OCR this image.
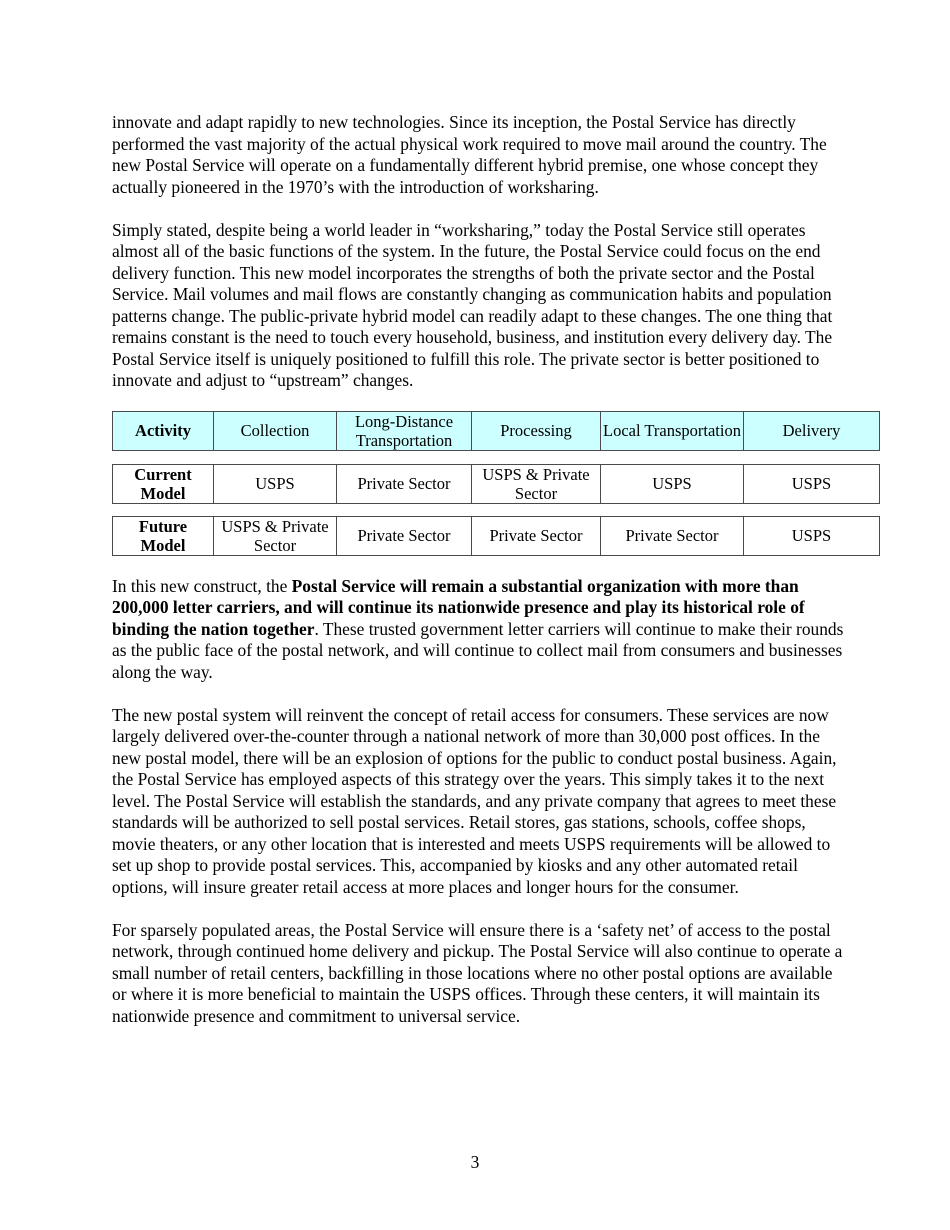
innovate and adapt rapidly to new technologies. Since its inception, the Postal Service has directly performed the vast majority of the actual physical work required to move mail around the country. The new Postal Service will operate on a fundamentally different hybrid premise, one whose concept they actually pioneered in the 1970’s with the introduction of worksharing.

Simply stated, despite being a world leader in “worksharing,” today the Postal Service still operates almost all of the basic functions of the system. In the future, the Postal Service could focus on the end delivery function. This new model incorporates the strengths of both the private sector and the Postal Service. Mail volumes and mail flows are constantly changing as communication habits and population patterns change. The public-private hybrid model can readily adapt to these changes. The one thing that remains constant is the need to touch every household, business, and institution every delivery day. The Postal Service itself is uniquely positioned to fulfill this role. The private sector is better positioned to innovate and adjust to “upstream” changes.

Activity	Collection	Long-Distance Transportation	Processing	Local Transportation	Delivery
Current Model	USPS	Private Sector	USPS & Private Sector	USPS	USPS
Future Model	USPS & Private Sector	Private Sector	Private Sector	Private Sector	USPS

In this new construct, the Postal Service will remain a substantial organization with more than 200,000 letter carriers, and will continue its nationwide presence and play its historical role of binding the nation together. These trusted government letter carriers will continue to make their rounds as the public face of the postal network, and will continue to collect mail from consumers and businesses along the way.

The new postal system will reinvent the concept of retail access for consumers. These services are now largely delivered over-the-counter through a national network of more than 30,000 post offices. In the new postal model, there will be an explosion of options for the public to conduct postal business. Again, the Postal Service has employed aspects of this strategy over the years. This simply takes it to the next level. The Postal Service will establish the standards, and any private company that agrees to meet these standards will be authorized to sell postal services. Retail stores, gas stations, schools, coffee shops, movie theaters, or any other location that is interested and meets USPS requirements will be allowed to set up shop to provide postal services. This, accompanied by kiosks and any other automated retail options, will insure greater retail access at more places and longer hours for the consumer.

For sparsely populated areas, the Postal Service will ensure there is a ‘safety net’ of access to the postal network, through continued home delivery and pickup. The Postal Service will also continue to operate a small number of retail centers, backfilling in those locations where no other postal options are available or where it is more beneficial to maintain the USPS offices. Through these centers, it will maintain its nationwide presence and commitment to universal service.

3
